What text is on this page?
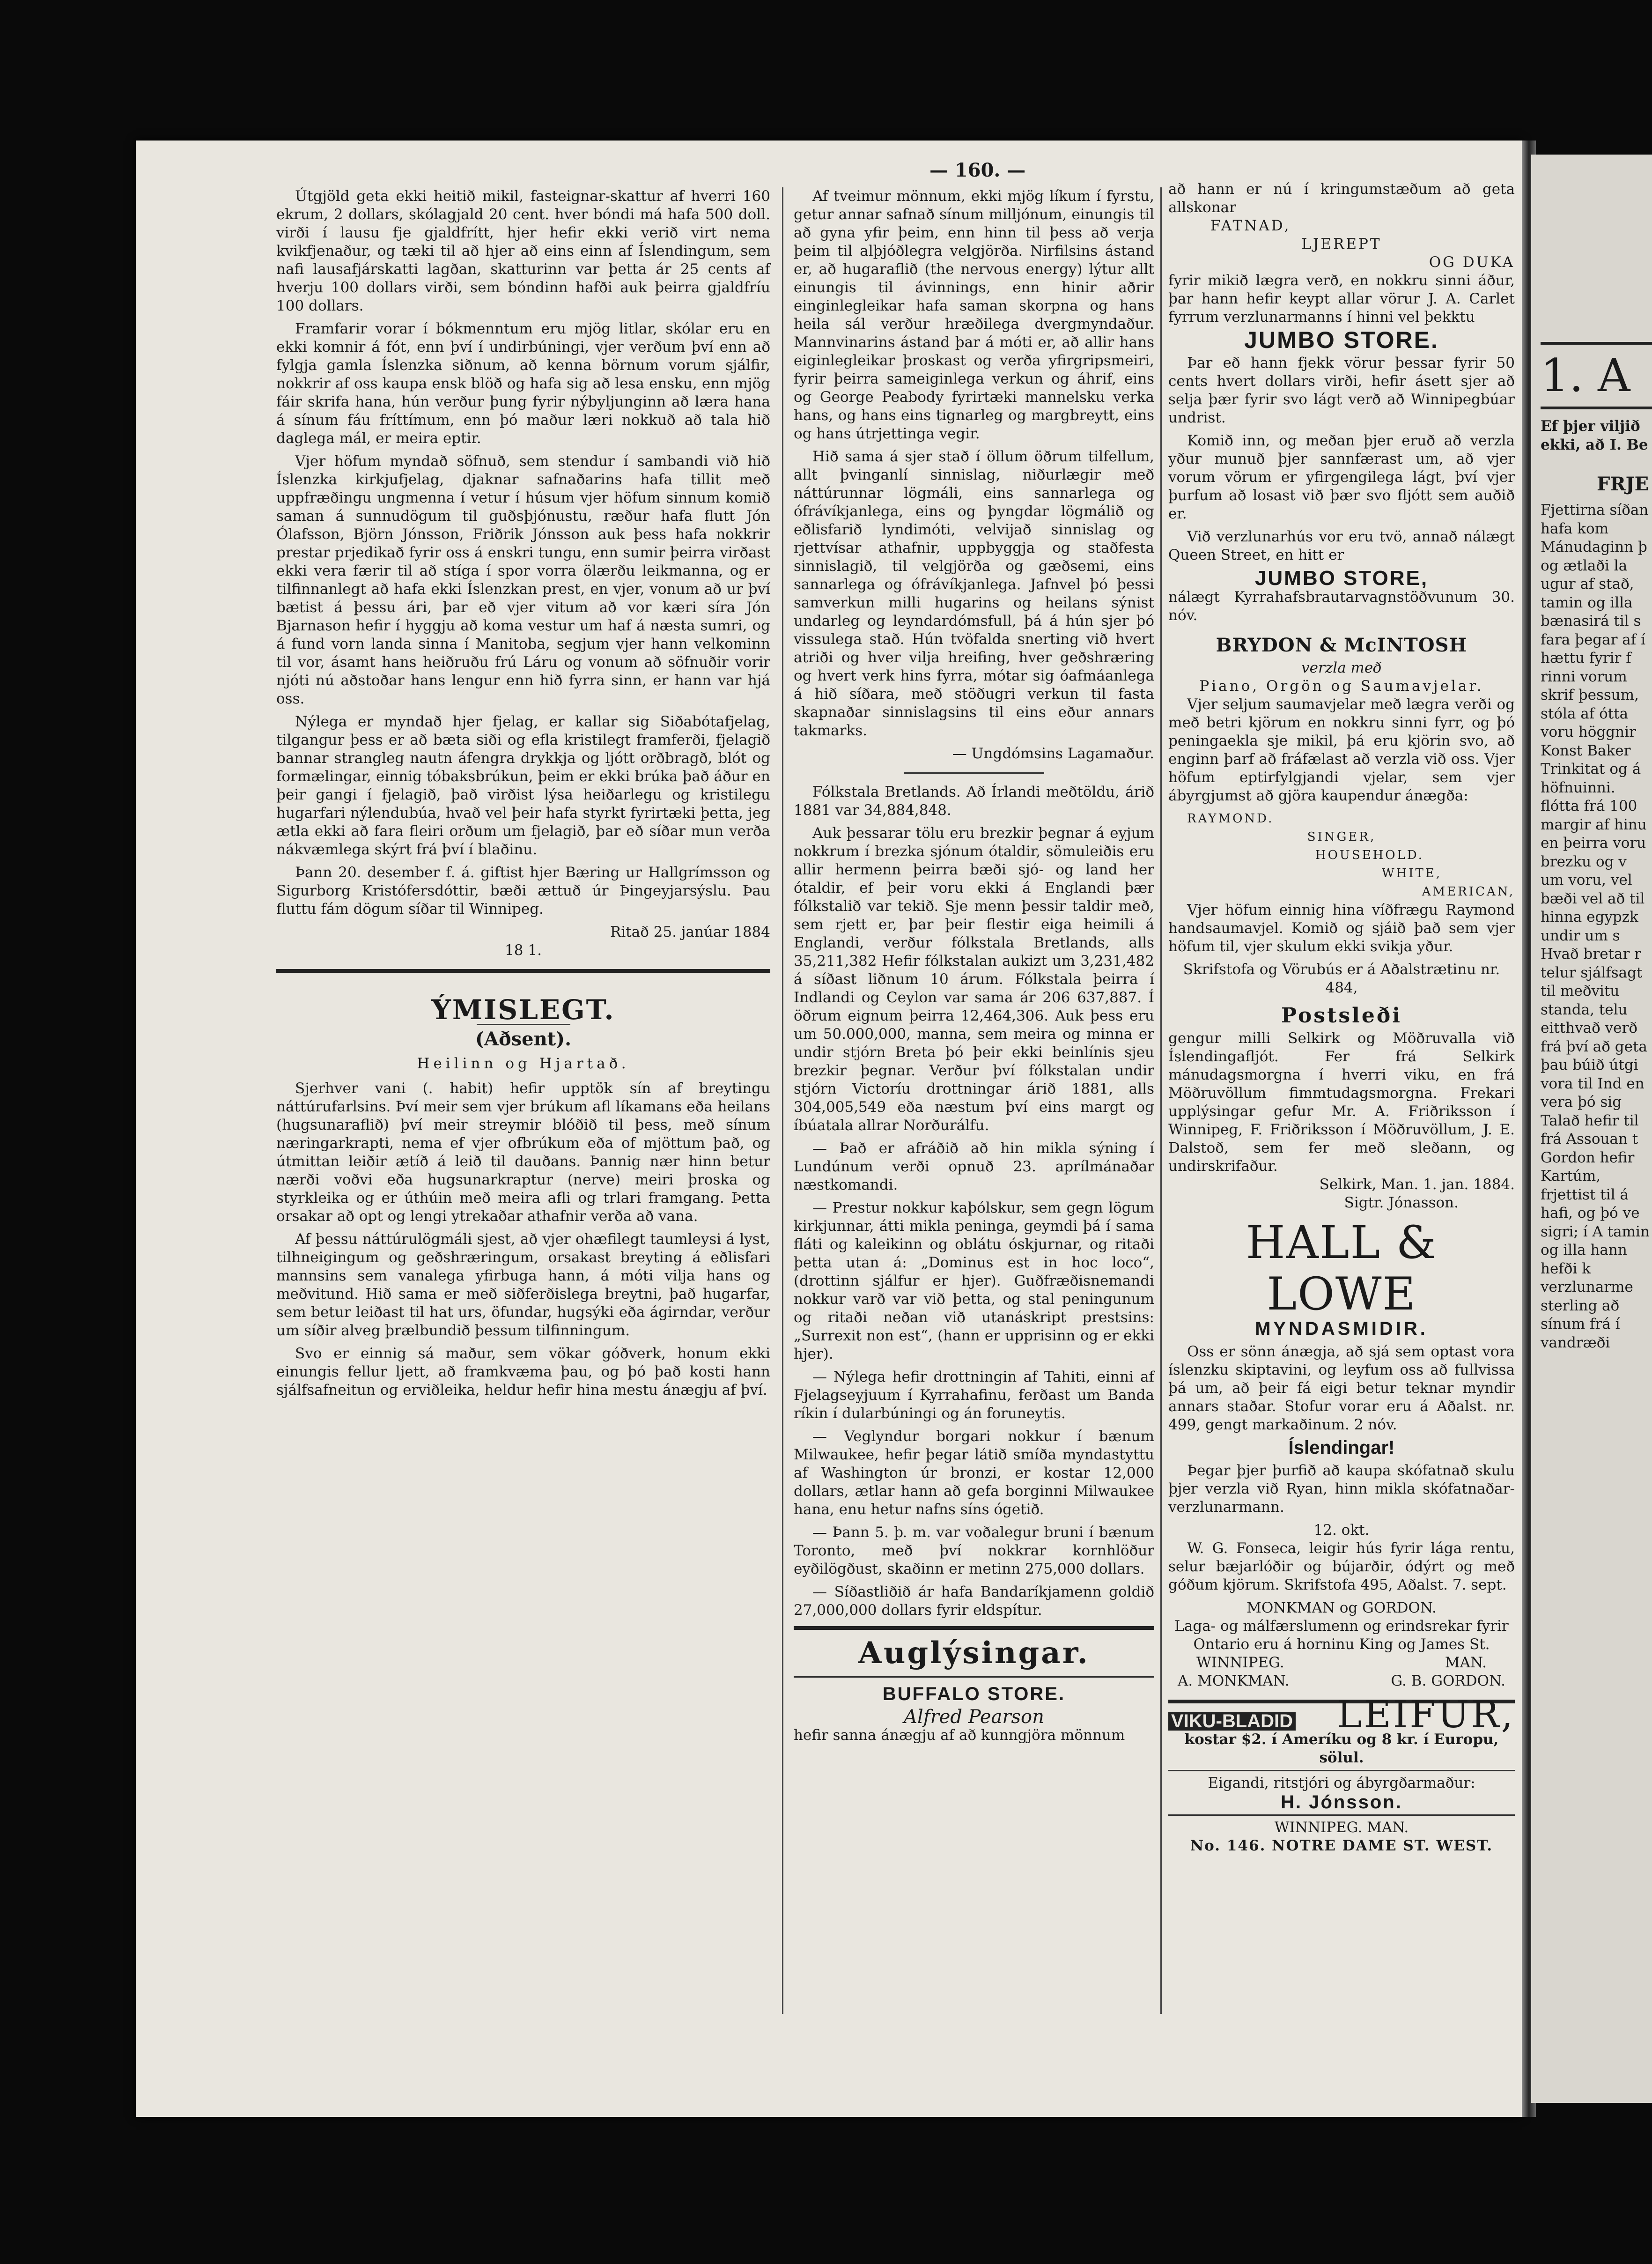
1. A
Ef þjer viljið
ekki, að I. Be
FRJE
Fjettirna síðan hafa kom Mánudaginn þ og ætlaði la ugur af stað, tamin og illa bænasirá til s fara þegar af í hættu fyrir f rinni vorum skrif þessum, stóla af ótta voru höggnir Konst Baker Trinkitat og á höfnuinni. flótta frá 100 margir af hinu en þeirra voru brezku og v um voru, vel bæði vel að til hinna egypzk undir um s Hvað bretar r telur sjálfsagt til meðvitu standa, telu eitthvað verð frá því að geta þau búið útgi vora til Ind en vera þó sig Talað hefir til frá Assouan t Gordon hefir Kartúm, frjettist til á hafi, og þó ve sigri; í A tamin og illa hann hefði k verzlunarme sterling að sínum frá í vandræði
— 160. —

Útgjöld geta ekki heitið mikil, fasteignar-skattur af hverri 160 ekrum, 2 dollars, skólagjald 20 cent. hver bóndi má hafa 500 doll. virði í lausu fje gjaldfrítt, hjer hefir ekki verið virt nema kvikfjenaður, og tæki til að hjer að eins einn af Íslendingum, sem nafi lausafjárskatti lagðan, skatturinn var þetta ár 25 cents af hverju 100 dollars virði, sem bóndinn hafði auk þeirra gjaldfríu 100 dollars.

Framfarir vorar í bókmenntum eru mjög litlar, skólar eru en ekki komnir á fót, enn því í undirbúningi, vjer verðum því enn að fylgja gamla Íslenzka siðnum, að kenna börnum vorum sjálfir, nokkrir af oss kaupa ensk blöð og hafa sig að lesa ensku, enn mjög fáir skrifa hana, hún verður þung fyrir nýbyljunginn að læra hana á sínum fáu fríttímum, enn þó maður læri nokkuð að tala hið daglega mál, er meira eptir.

Vjer höfum myndað söfnuð, sem stendur í sambandi við hið Íslenzka kirkjufjelag, djaknar safnaðarins hafa tillit með uppfræðingu ungmenna í vetur í húsum vjer höfum sinnum komið saman á sunnudögum til guðsþjónustu, ræður hafa flutt Jón Ólafsson, Björn Jónsson, Friðrik Jónsson auk þess hafa nokkrir prestar prjedikað fyrir oss á enskri tungu, enn sumir þeirra virðast ekki vera færir til að stíga í spor vorra ölærðu leikmanna, og er tilfinnanlegt að hafa ekki Íslenzkan prest, en vjer, vonum að ur því bætist á þessu ári, þar eð vjer vitum að vor kæri síra Jón Bjarnason hefir í hyggju að koma vestur um haf á næsta sumri, og á fund vorn landa sinna í Manitoba, segjum vjer hann velkominn til vor, ásamt hans heiðruðu frú Láru og vonum að söfnuðir vorir njóti nú aðstoðar hans lengur enn hið fyrra sinn, er hann var hjá oss.

Nýlega er myndað hjer fjelag, er kallar sig Siðabótafjelag, tilgangur þess er að bæta siði og efla kristilegt framferði, fjelagið bannar strangleg nautn áfengra drykkja og ljótt orðbragð, blót og formælingar, einnig tóbaksbrúkun, þeim er ekki brúka það áður en þeir gangi í fjelagið, það virðist lýsa heiðarlegu og kristilegu hugarfari nýlendubúa, hvað vel þeir hafa styrkt fyrirtæki þetta, jeg ætla ekki að fara fleiri orðum um fjelagið, þar eð síðar mun verða nákvæmlega skýrt frá því í blaðinu.

Þann 20. desember f. á. giftist hjer Bæring ur Hallgrímsson og Sigurborg Kristófersdóttir, bæði ættuð úr Þingeyjarsýslu. Þau fluttu fám dögum síðar til Winnipeg.

Ritað 25. janúar 1884
18 1.
ÝMISLEGT.
(Aðsent).
Heilinn og Hjartað.

Sjerhver vani (. habit) hefir upptök sín af breytingu náttúrufarlsins. Því meir sem vjer brúkum afl líkamans eða heilans (hugsunaraflið) því meir streymir blóðið til þess, með sínum næringarkrapti, nema ef vjer ofbrúkum eða of mjöttum það, og útmittan leiðir ætíð á leið til dauðans. Þannig nær hinn betur nærði voðvi eða hugsunarkraptur (nerve) meiri þroska og styrkleika og er úthúin með meira afli og trlari framgang. Þetta orsakar að opt og lengi ytrekaðar athafnir verða að vana.

Af þessu náttúrulögmáli sjest, að vjer ohæfilegt taumleysi á lyst, tilhneigingum og geðshræringum, orsakast breyting á eðlisfari mannsins sem vanalega yfirbuga hann, á móti vilja hans og meðvitund. Hið sama er með siðferðislega breytni, það hugarfar, sem betur leiðast til hat urs, öfundar, hugsýki eða ágirndar, verður um síðir alveg þrælbundið þessum tilfinningum.

Svo er einnig sá maður, sem vökar góðverk, honum ekki einungis fellur ljett, að framkvæma þau, og þó það kosti hann sjálfsafneitun og erviðleika, heldur hefir hina mestu ánægju af því.

Af tveimur mönnum, ekki mjög líkum í fyrstu, getur annar safnað sínum milljónum, einungis til að gyna yfir þeim, enn hinn til þess að verja þeim til alþjóðlegra velgjörða. Nirfilsins ástand er, að hugaraflið (the nervous energy) lýtur allt einungis til ávinnings, enn hinir aðrir einginlegleikar hafa saman skorpna og hans heila sál verður hræðilega dvergmyndaður. Mannvinarins ástand þar á móti er, að allir hans eiginlegleikar þroskast og verða yfirgripsmeiri, fyrir þeirra sameiginlega verkun og áhrif, eins og George Peabody fyrirtæki mannelsku verka hans, og hans eins tignarleg og margbreytt, eins og hans útrjettinga vegir.

Hið sama á sjer stað í öllum öðrum tilfellum, allt þvinganlí sinnislag, niðurlægir með náttúrunnar lögmáli, eins sannarlega og ófrávíkjanlega, eins og þyngdar lögmálið og eðlisfarið lyndimóti, velvijað sinnislag og rjettvísar athafnir, uppbyggja og staðfesta sinnislagið, til velgjörða og gæðsemi, eins sannarlega og ófrávíkjanlega. Jafnvel þó þessi samverkun milli hugarins og heilans sýnist undarleg og leyndardómsfull, þá á hún sjer þó vissulega stað. Hún tvöfalda snerting við hvert atriði og hver vilja hreifing, hver geðshræring og hvert verk hins fyrra, mótar sig óafmáanlega á hið síðara, með stöðugri verkun til fasta skapnaðar sinnislagsins til eins eður annars takmarks.

— Ungdómsins Lagamaður.

Fólkstala Bretlands. Að Írlandi meðtöldu, árið 1881 var 34,884,848.

Auk þessarar tölu eru brezkir þegnar á eyjum nokkrum í brezka sjónum ótaldir, sömuleiðis eru allir hermenn þeirra bæði sjó- og land her ótaldir, ef þeir voru ekki á Englandi þær fólkstalið var tekið. Sje menn þessir taldir með, sem rjett er, þar þeir flestir eiga heimili á Englandi, verður fólkstala Bretlands, alls 35,211,382 Hefir fólkstalan aukizt um 3,231,482 á síðast liðnum 10 árum. Fólkstala þeirra í Indlandi og Ceylon var sama ár 206 637,887. Í öðrum eignum þeirra 12,464,306. Auk þess eru um 50.000,000, manna, sem meira og minna er undir stjórn Breta þó þeir ekki beinlínis sjeu brezkir þegnar. Verður því fólkstalan undir stjórn Victoríu drottningar árið 1881, alls 304,005,549 eða næstum því eins margt og íbúatala allrar Norðurálfu.

— Það er afráðið að hin mikla sýning í Lundúnum verði opnuð 23. aprílmánaðar næstkomandi.

— Prestur nokkur kaþólskur, sem gegn lögum kirkjunnar, átti mikla peninga, geymdi þá í sama fláti og kaleikinn og oblátu óskjurnar, og ritaði þetta utan á: „Dominus est in hoc loco“, (drottinn sjálfur er hjer). Guðfræðisnemandi nokkur varð var við þetta, og stal peningunum og ritaði neðan við utanáskript prestsins: „Surrexit non est“, (hann er upprisinn og er ekki hjer).

— Nýlega hefir drottningin af Tahiti, einni af Fjelagseyjuum í Kyrrahafinu, ferðast um Banda ríkin í dularbúningi og án foruneytis.

— Veglyndur borgari nokkur í bænum Milwaukee, hefir þegar látið smíða myndastyttu af Washington úr bronzi, er kostar 12,000 dollars, ætlar hann að gefa borginni Milwaukee hana, enu hetur nafns síns ógetið.

— Þann 5. þ. m. var voðalegur bruni í bænum Toronto, með því nokkrar kornhlöður eyðilögðust, skaðinn er metinn 275,000 dollars.

— Síðastliðið ár hafa Bandaríkjamenn goldið 27,000,000 dollars fyrir eldspítur.

Auglýsingar.
BUFFALO STORE.
Alfred Pearson
hefir sanna ánægju af að kunngjöra mönnum
að hann er nú í kringumstæðum að geta allskonar
FATNAD,
LJEREPT
OG DUKA
fyrir mikið lægra verð, en nokkru sinni áður, þar hann hefir keypt allar vörur J. A. Carlet fyrrum verzlunarmanns í hinni vel þekktu
JUMBO STORE.

Þar eð hann fjekk vörur þessar fyrir 50 cents hvert dollars virði, hefir ásett sjer að selja þær fyrir svo lágt verð að Winnipegbúar undrist.

Komið inn, og meðan þjer eruð að verzla yður munuð þjer sannfærast um, að vjer vorum vörum er yfirgengilega lágt, því vjer þurfum að losast við þær svo fljótt sem auðið er.

Við verzlunarhús vor eru tvö, annað nálægt Queen Street, en hitt er

JUMBO STORE,
nálægt Kyrrahafsbrautarvagnstöðvunum 30. nóv.
BRYDON & McINTOSH
verzla með
Piano, Orgön og Saumavjelar.

Vjer seljum saumavjelar með lægra verði og með betri kjörum en nokkru sinni fyrr, og þó peningaekla sje mikil, þá eru kjörin svo, að enginn þarf að fráfælast að verzla við oss. Vjer höfum eptirfylgjandi vjelar, sem vjer ábyrgjumst að gjöra kaupendur ánægða:

RAYMOND.
SINGER,
HOUSEHOLD.
WHITE,
AMERICAN,

Vjer höfum einnig hina víðfrægu Raymond handsaumavjel. Komið og sjáið það sem vjer höfum til, vjer skulum ekki svikja yður.

Skrifstofa og Vörubús er á Aðalstrætinu nr. 484,
Postsleði
gengur milli Selkirk og Möðruvalla við Íslendingafljót. Fer frá Selkirk mánudagsmorgna í hverri viku, en frá Möðruvöllum fimmtudagsmorgna. Frekari upplýsingar gefur Mr. A. Friðriksson í Winnipeg, F. Friðriksson í Möðruvöllum, J. E. Dalstoð, sem fer með sleðann, og undirskrifaður.
Selkirk, Man. 1. jan. 1884.
Sigtr. Jónasson.
HALL & LOWE
MYNDASMIDIR.

Oss er sönn ánægja, að sjá sem optast vora íslenzku skiptavini, og leyfum oss að fullvissa þá um, að þeir fá eigi betur teknar myndir annars staðar. Stofur vorar eru á Aðalst. nr. 499, gengt markaðinum. 2 nóv.

Íslendingar!

Þegar þjer þurfið að kaupa skófatnað skulu þjer verzla við Ryan, hinn mikla skófatnaðar-verzlunarmann.

12. okt.

W. G. Fonseca, leigir hús fyrir lága rentu, selur bæjarlóðir og bújarðir, ódýrt og með góðum kjörum. Skrifstofa 495, Aðalst. 7. sept.

MONKMAN og GORDON.
Laga- og málfærslumenn og erindsrekar fyrir Ontario eru á horninu King og James St.
WINNIPEG.	MAN.
A. MONKMAN.	G. B. GORDON.
VIKU-BLADID LEIFUR,
kostar $2. í Ameríku og 8 kr. í Europu, sölul.
Eigandi, ritstjóri og ábyrgðarmaður:
H. Jónsson.
WINNIPEG. MAN.
No. 146. NOTRE DAME ST. WEST.
